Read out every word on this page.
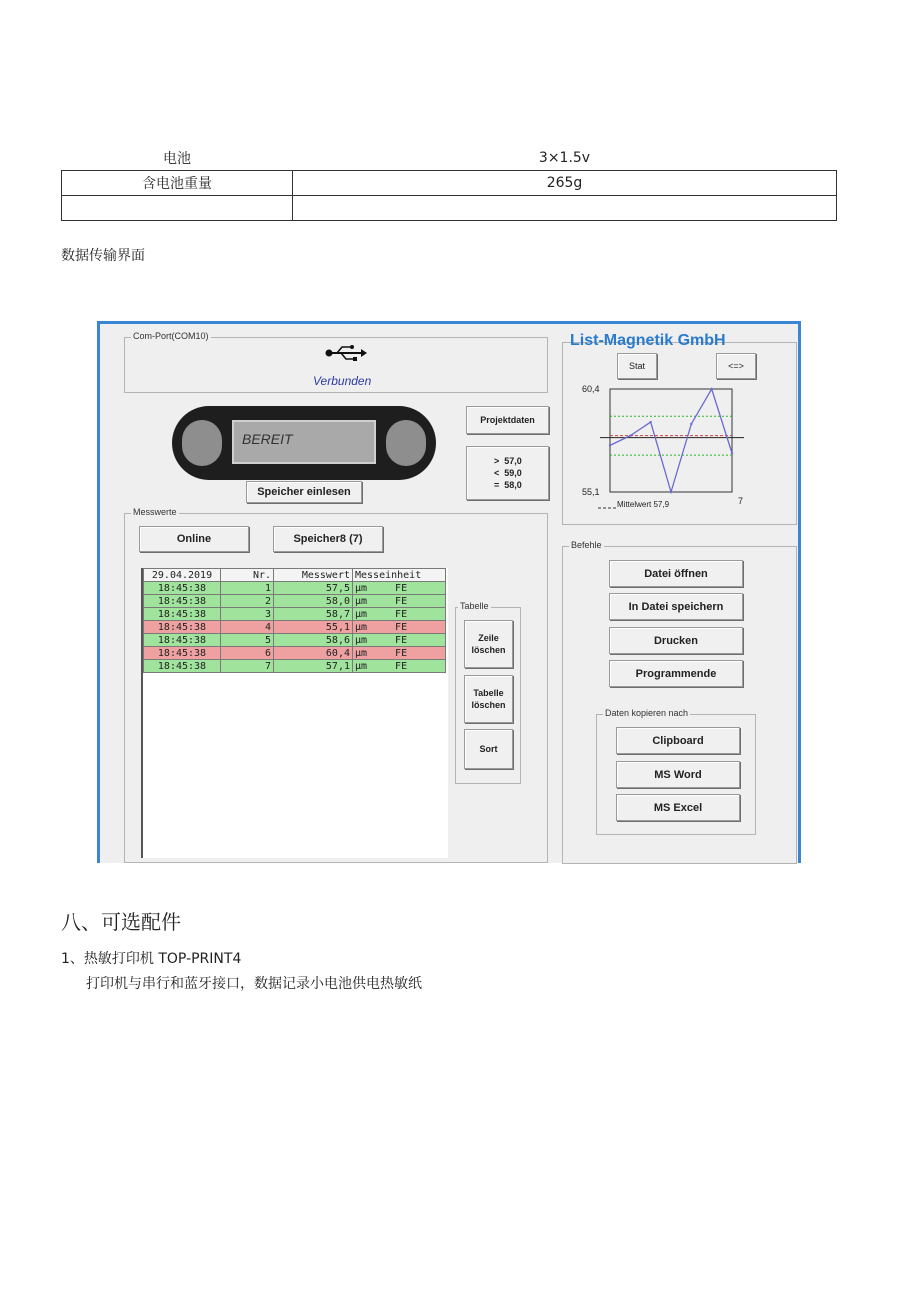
电池	3×1.5v
含电池重量	265g

数据传输界面
Com-Port(COM10)
Verbunden
BEREIT
Speicher einlesen
Projektdaten
>  57,0
<  59,0
=  58,0
Messwerte
Online	Speicher8 (7)
29.04.2019	Nr.	Messwert	Messeinheit
18:45:38	1	57,5	µm FE
18:45:38	2	58,0	µm FE
18:45:38	3	58,7	µm FE
18:45:38	4	55,1	µm FE
18:45:38	5	58,6	µm FE
18:45:38	6	60,4	µm FE
18:45:38	7	57,1	µm FE
Tabelle
Zeile löschen
Tabelle löschen
Sort
List-Magnetik GmbH
Stat	<=>
60,4
55,1
7
Mittelwert 57,9
Befehle
Datei öffnen
In Datei speichern
Drucken
Programmende
Daten kopieren nach
Clipboard
MS Word
MS Excel
八、可选配件
1、热敏打印机 TOP-PRINT4
打印机与串行和蓝牙接口，数据记录小电池供电热敏纸
